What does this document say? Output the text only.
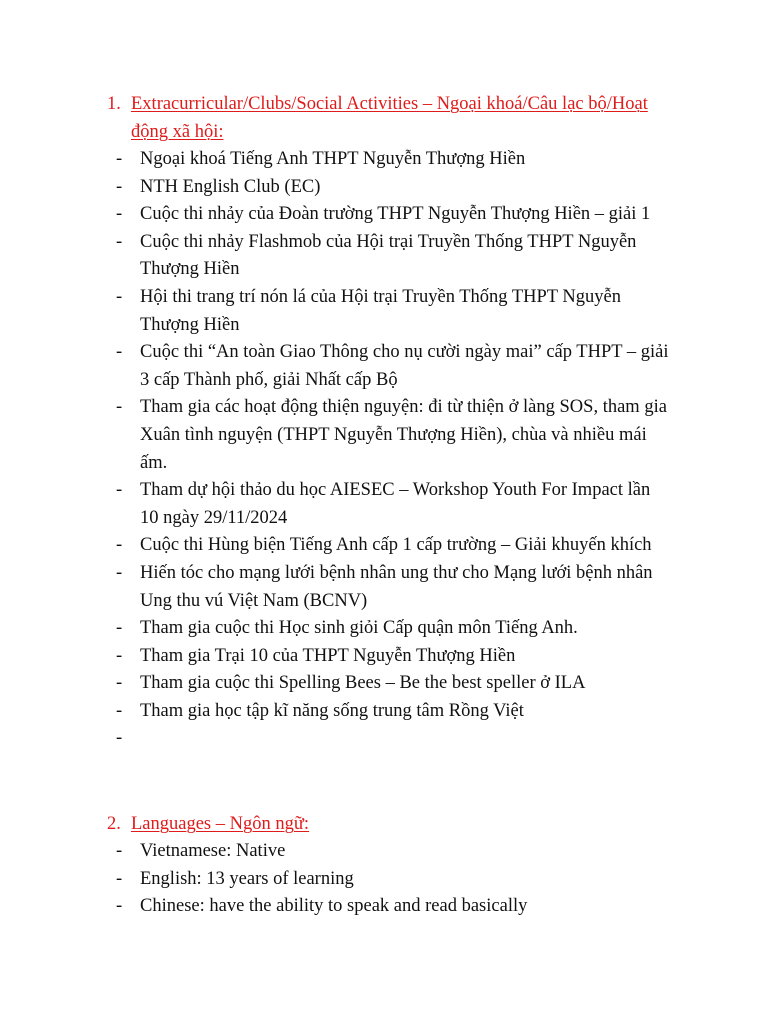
1. Extracurricular/Clubs/Social Activities – Ngoại khoá/Câu lạc bộ/Hoạt động xã hội:
- Ngoại khoá Tiếng Anh THPT Nguyễn Thượng Hiền
- NTH English Club (EC)
- Cuộc thi nhảy của Đoàn trường THPT Nguyễn Thượng Hiền – giải 1
- Cuộc thi nhảy Flashmob của Hội trại Truyền Thống THPT Nguyễn Thượng Hiền
- Hội thi trang trí nón lá của Hội trại Truyền Thống THPT Nguyễn Thượng Hiền
- Cuộc thi “An toàn Giao Thông cho nụ cười ngày mai” cấp THPT – giải 3 cấp Thành phố, giải Nhất cấp Bộ
- Tham gia các hoạt động thiện nguyện: đi từ thiện ở làng SOS, tham gia Xuân tình nguyện (THPT Nguyễn Thượng Hiền), chùa và nhiều mái ấm.
- Tham dự hội thảo du học AIESEC – Workshop Youth For Impact lần 10 ngày 29/11/2024
- Cuộc thi Hùng biện Tiếng Anh cấp 1 cấp trường – Giải khuyến khích
- Hiến tóc cho mạng lưới bệnh nhân ung thư cho Mạng lưới bệnh nhân Ung thu vú Việt Nam (BCNV)
- Tham gia cuộc thi Học sinh giỏi Cấp quận môn Tiếng Anh.
- Tham gia Trại 10 của THPT Nguyễn Thượng Hiền
- Tham gia cuộc thi Spelling Bees – Be the best speller ở ILA
- Tham gia học tập kĩ năng sống trung tâm Rồng Việt
-
2. Languages – Ngôn ngữ:
- Vietnamese: Native
- English: 13 years of learning
- Chinese: have the ability to speak and read basically
